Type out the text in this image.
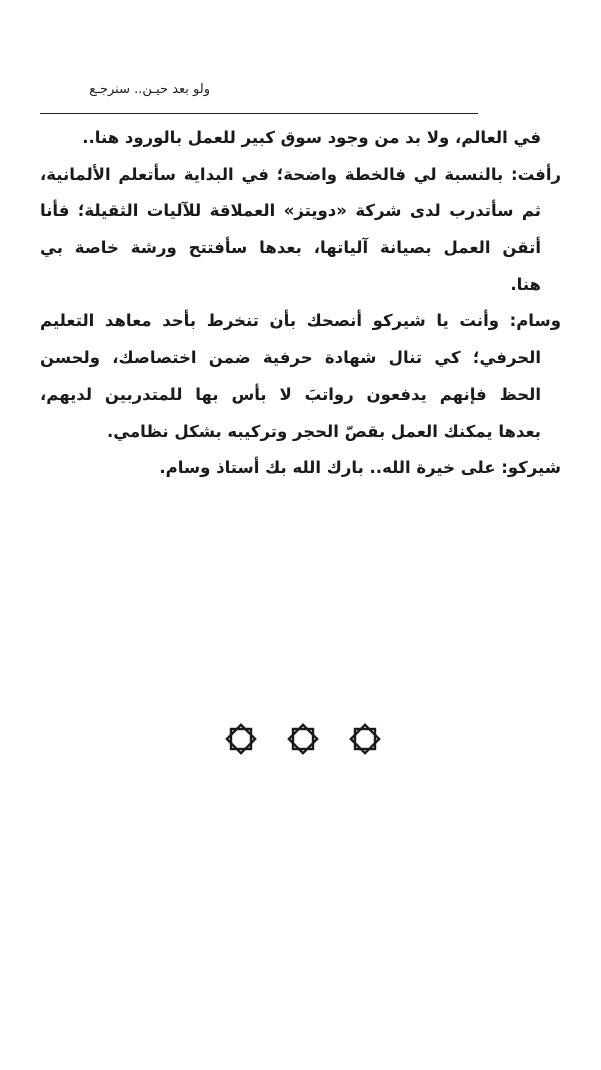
ولو بعد حيـن.. سنرجـع
في العالم، ولا بد من وجود سوق كبير للعمل بالورود هنا..
رأفت: بالنسبة لي فالخطة واضحة؛ في البداية سأتعلم الألمانية،
ثم سأتدرب لدى شركة «دويتز» العملاقة للآليات الثقيلة؛ فأنا
أتقن العمل بصيانة آلياتها، بعدها سأفتتح ورشة خاصة بي
هنا.
وسام: وأنت يا شيركو أنصحك بأن تنخرط بأحد معاهد التعليم
الحرفي؛ كي تنال شهادة حرفية ضمن اختصاصك، ولحسن
الحظ فإنهم يدفعون رواتبَ لا بأس بها للمتدربين لديهم،
بعدها يمكنك العمل بقصّ الحجر وتركيبه بشكل نظامي.
شيركو: على خيرة الله.. بارك الله بك أستاذ وسام.
